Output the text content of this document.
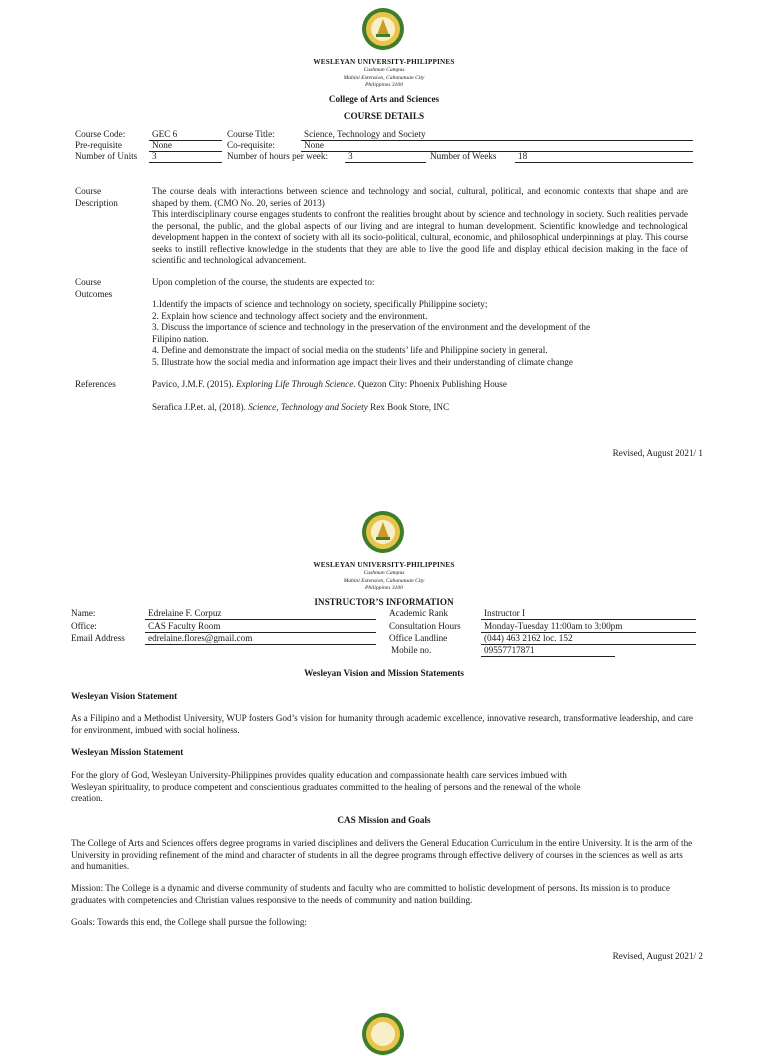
WESLEYAN UNIVERSITY-PHILIPPINES
Cushman Campus
Mabini Extension, Cabanatuan City
Philippines 3100
College of Arts and Sciences
COURSE DETAILS
Course Code:	GEC 6	Course Title:	Science, Technology and Society
Pre-requisite	None	Co-requisite:	None
Number of Units	3	Number of hours per week:	3	Number of Weeks	18
Course
Description

The course deals with interactions between science and technology and social, cultural, political, and economic contexts that shape and are shaped by them. (CMO No. 20, series of 2013)

This interdisciplinary course engages students to confront the realities brought about by science and technology in society. Such realities pervade the personal, the public, and the global aspects of our living and are integral to human development. Scientific knowledge and technological development happen in the context of society with all its socio-political, cultural, economic, and philosophical underpinnings at play. This course seeks to instill reflective knowledge in the students that they are able to live the good life and display ethical decision making in the face of scientific and technological advancement.

Course
Outcomes
Upon completion of the course, the students are expected to:
1.Identify the impacts of science and technology on society, specifically Philippine society;
2. Explain how science and technology affect society and the environment.
3. Discuss the importance of science and technology in the preservation of the environment and the development of the Filipino nation.
4. Define and demonstrate the impact of social media on the students’ life and Philippine society in general.
5. Illustrate how the social media and information age impact their lives and their understanding of climate change
References	Pavico, J.M.F. (2015). Exploring Life Through Science. Quezon City: Phoenix Publishing House
Serafica J.P.et. al, (2018). Science, Technology and Society Rex Book Store, INC
Revised, August 2021/ 1
WESLEYAN UNIVERSITY-PHILIPPINES
Cushman Campus
Mabini Extension, Cabanatuan City
Philippines 3100
INSTRUCTOR’S INFORMATION
Name:	Edrelaine F. Corpuz	Academic Rank	Instructor I
Office:	CAS Faculty Room	Consultation Hours	Monday-Tuesday 11:00am to 3:00pm
Email Address	edrelaine.flores@gmail.com	Office Landline	(044) 463 2162 loc. 152
Mobile no.	09557717871
Wesleyan Vision and Mission Statements
Wesleyan Vision Statement
As a Filipino and a Methodist University, WUP fosters God’s vision for humanity through academic excellence, innovative research, transformative leadership, and care for environment, imbued with social holiness.
Wesleyan Mission Statement
For the glory of God, Wesleyan University-Philippines provides quality education and compassionate health care services imbued with Wesleyan spirituality, to produce competent and conscientious graduates committed to the healing of persons and the renewal of the whole creation.
CAS Mission and Goals
The College of Arts and Sciences offers degree programs in varied disciplines and delivers the General Education Curriculum in the entire University. It is the arm of the University in providing refinement of the mind and character of students in all the degree programs through effective delivery of courses in the sciences as well as arts and humanities.
Mission: The College is a dynamic and diverse community of students and faculty who are committed to holistic development of persons. Its mission is to produce graduates with competencies and Christian values responsive to the needs of community and nation building.
Goals: Towards this end, the College shall pursue the following:
Revised, August 2021/ 2
